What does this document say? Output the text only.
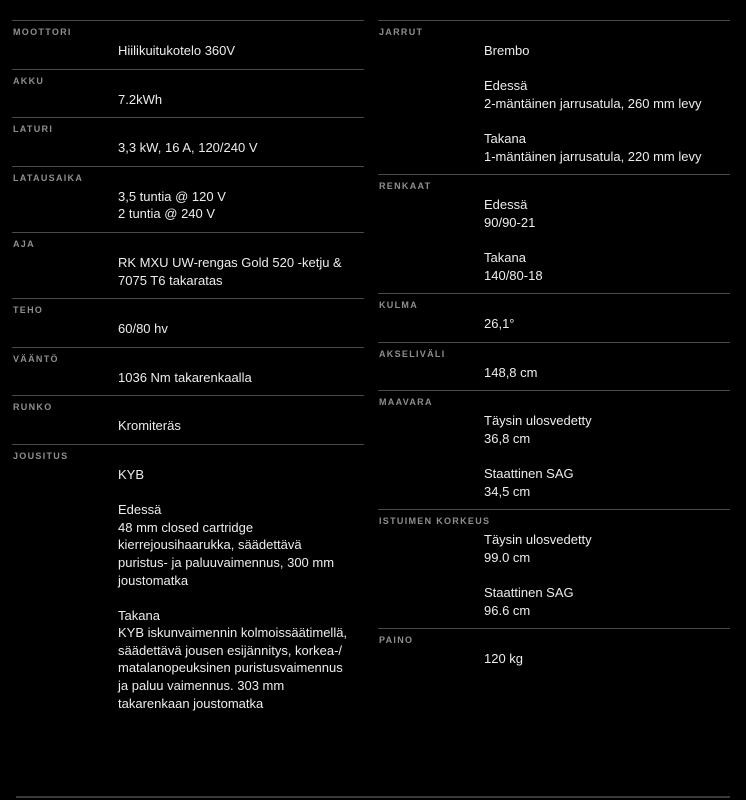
MOOTTORI
Hiilikuitukotelo 360V
AKKU
7.2kWh
LATURI
3,3 kW, 16 A, 120/240 V
LATAUSAIKA
3,5 tuntia @ 120 V
2 tuntia @ 240 V
AJA
RK MXU UW-rengas Gold 520 -ketju &
7075 T6 takaratas
TEHO
60/80 hv
VÄÄNTÖ
1036 Nm takarenkaalla
RUNKO
Kromiteräs
JOUSITUS
KYB
Edessä
48 mm closed cartridge
kierrejousihaarukka, säädettävä
puristus- ja paluuvaimennus, 300 mm
joustomatka
Takana
KYB iskunvaimennin kolmoissäätimellä,
säädettävä jousen esijännitys, korkea-/
matalanopeuksinen puristusvaimennus
ja paluu vaimennus. 303 mm
takarenkaan joustomatka
JARRUT
Brembo
Edessä
2-mäntäinen jarrusatula, 260 mm levy
Takana
1-mäntäinen jarrusatula, 220 mm levy
RENKAAT
Edessä
90/90-21
Takana
140/80-18
KULMA
26,1°
AKSELIVÄLI
148,8 cm
MAAVARA
Täysin ulosvedetty
36,8 cm
Staattinen SAG
34,5 cm
ISTUIMEN KORKEUS
Täysin ulosvedetty
99.0 cm
Staattinen SAG
96.6 cm
PAINO
120 kg
